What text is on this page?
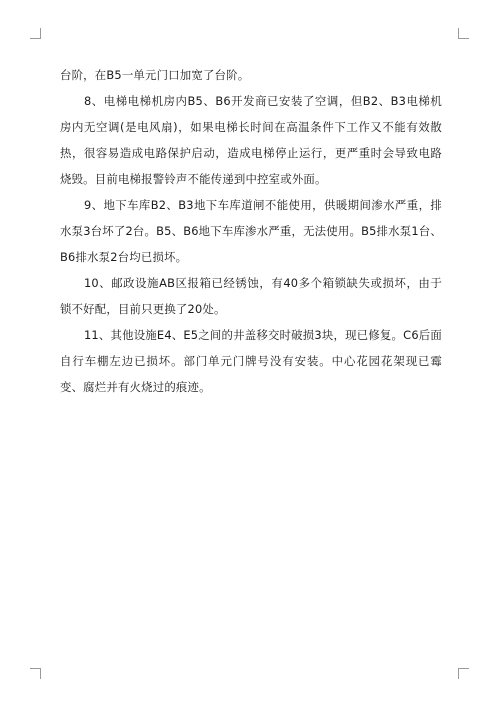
台阶，在B5一单元门口加宽了台阶。

8、电梯电梯机房内B5、B6开发商已安装了空调，但B2、B3电梯机房内无空调(是电风扇)，如果电梯长时间在高温条件下工作又不能有效散热，很容易造成电路保护启动，造成电梯停止运行，更严重时会导致电路烧毁。目前电梯报警铃声不能传递到中控室或外面。

9、地下车库B2、B3地下车库道闸不能使用，供暖期间渗水严重，排水泵3台坏了2台。B5、B6地下车库渗水严重，无法使用。B5排水泵1台、B6排水泵2台均已损坏。

10、邮政设施AB区报箱已经锈蚀，有40多个箱锁缺失或损坏，由于锁不好配，目前只更换了20处。

11、其他设施E4、E5之间的井盖移交时破损3块，现已修复。C6后面自行车棚左边已损坏。部门单元门牌号没有安装。中心花园花架现已霉变、腐烂并有火烧过的痕迹。
